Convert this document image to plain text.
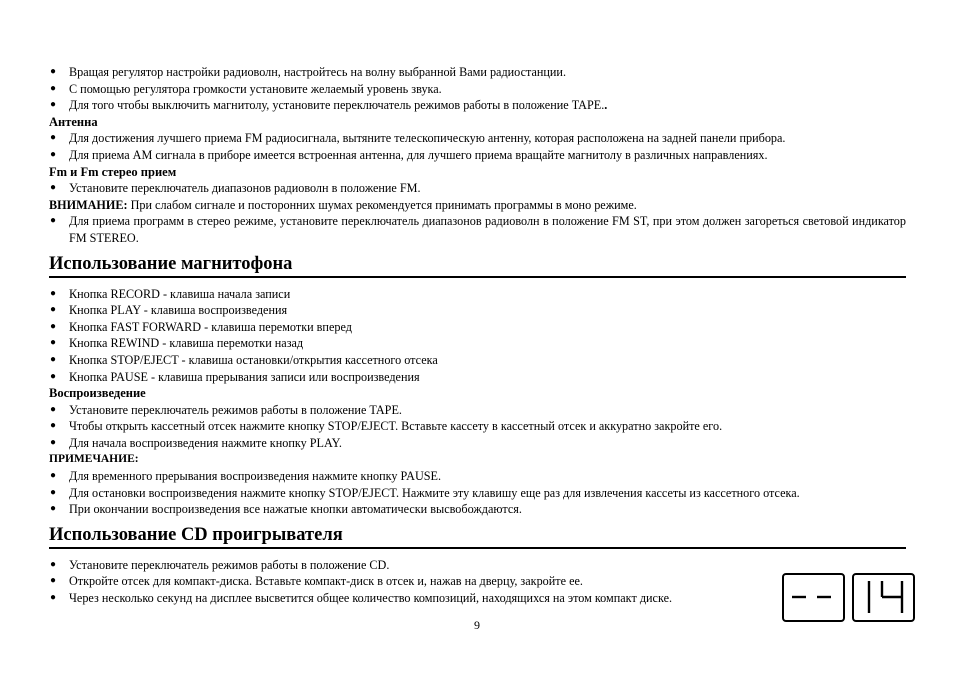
● Вращая регулятор настройки радиоволн, настройтесь на волну выбранной Вами радиостанции.
● С помощью регулятора громкости установите желаемый уровень звука.
● Для того чтобы выключить магнитолу, установите переключатель режимов работы в положение TAPE..
Антенна
● Для достижения лучшего приема FM радиосигнала, вытяните телескопическую антенну, которая расположена на задней панели прибора.
● Для приема AM сигнала в приборе имеется встроенная антенна, для лучшего приема вращайте магнитолу в различных направлениях.
Fm и Fm стерео прием
● Установите переключатель диапазонов радиоволн в положение FM.
ВНИМАНИЕ: При слабом сигнале и посторонних шумах рекомендуется принимать программы в моно режиме.
● Для приема программ в стерео режиме, установите переключатель диапазонов радиоволн в положение FM ST, при этом должен загореться световой индикатор FM STEREO.
Использование магнитофона
● Кнопка RECORD - клавиша начала записи
● Кнопка PLAY - клавиша воспроизведения
● Кнопка FAST FORWARD - клавиша перемотки вперед
● Кнопка REWIND - клавиша перемотки назад
● Кнопка STOP/EJECT - клавиша остановки/открытия кассетного отсека
● Кнопка PAUSE - клавиша прерывания записи или воспроизведения
Воспроизведение
● Установите переключатель режимов работы в положение TAPE.
● Чтобы открыть кассетный отсек нажмите кнопку STOP/EJECT. Вставьте кассету в кассетный отсек и аккуратно закройте его.
● Для начала воспроизведения нажмите кнопку PLAY.
ПРИМЕЧАНИЕ:
● Для временного прерывания воспроизведения нажмите кнопку PAUSE.
● Для остановки воспроизведения нажмите кнопку STOP/EJECT. Нажмите эту клавишу еще раз для извлечения кассеты из кассетного отсека.
● При окончании воспроизведения все нажатые кнопки автоматически высвобождаются.
Использование CD проигрывателя
● Установите переключатель режимов работы в положение CD.
● Откройте отсек для компакт-диска. Вставьте компакт-диск в отсек и, нажав на дверцу, закройте ее.
● Через несколько секунд на дисплее высветится общее количество композиций, находящихся на этом компакт диске.
9
